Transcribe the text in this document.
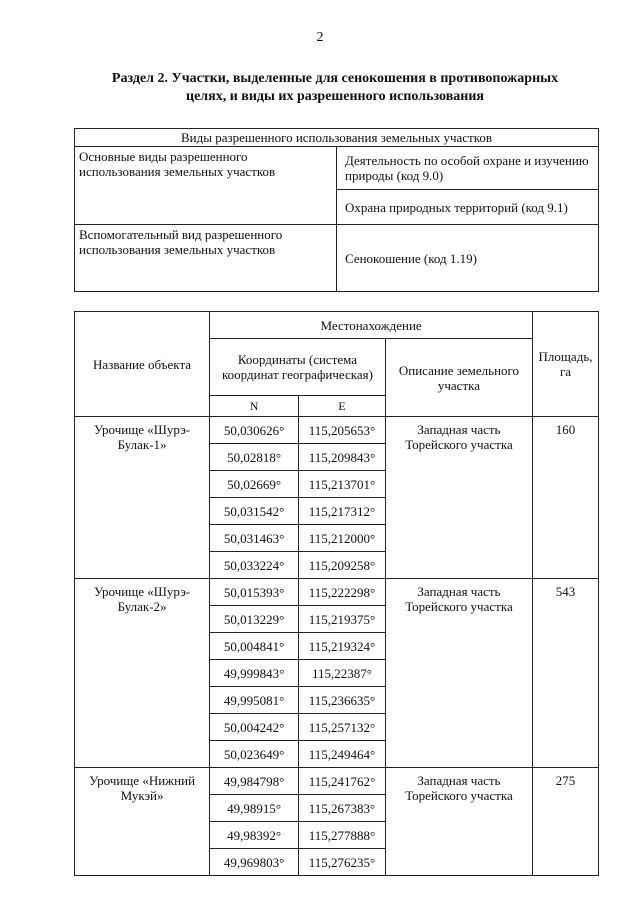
2
Раздел 2. Участки, выделенные для сенокошения в противопожарных
целях, и виды их разрешенного использования
Виды разрешенного использования земельных участков	
Основные виды разрешенного использования земельных участков	Деятельность по особой охране и изучению природы (код 9.0)
	Охрана природных территорий (код 9.1)
Вспомогательный вид разрешенного использования земельных участков	Сенокошение (код 1.19)
Название объекта	Местонахождение			Площадь, га
	Координаты (система координат географическая)		Описание земельного участка	
	N	E		
Урочище «Шурэ-Булак-1»	50,030626°	115,205653°	Западная часть Торейского участка	160
	50,02818°	115,209843°		
	50,02669°	115,213701°		
	50,031542°	115,217312°		
	50,031463°	115,212000°		
	50,033224°	115,209258°		
Урочище «Шурэ-Булак-2»	50,015393°	115,222298°	Западная часть Торейского участка	543
	50,013229°	115,219375°		
	50,004841°	115,219324°		
	49,999843°	115,22387°		
	49,995081°	115,236635°		
	50,004242°	115,257132°		
	50,023649°	115,249464°		
Урочище «Нижний Мукэй»	49,984798°	115,241762°	Западная часть Торейского участка	275
	49,98915°	115,267383°		
	49,98392°	115,277888°		
	49,969803°	115,276235°		
